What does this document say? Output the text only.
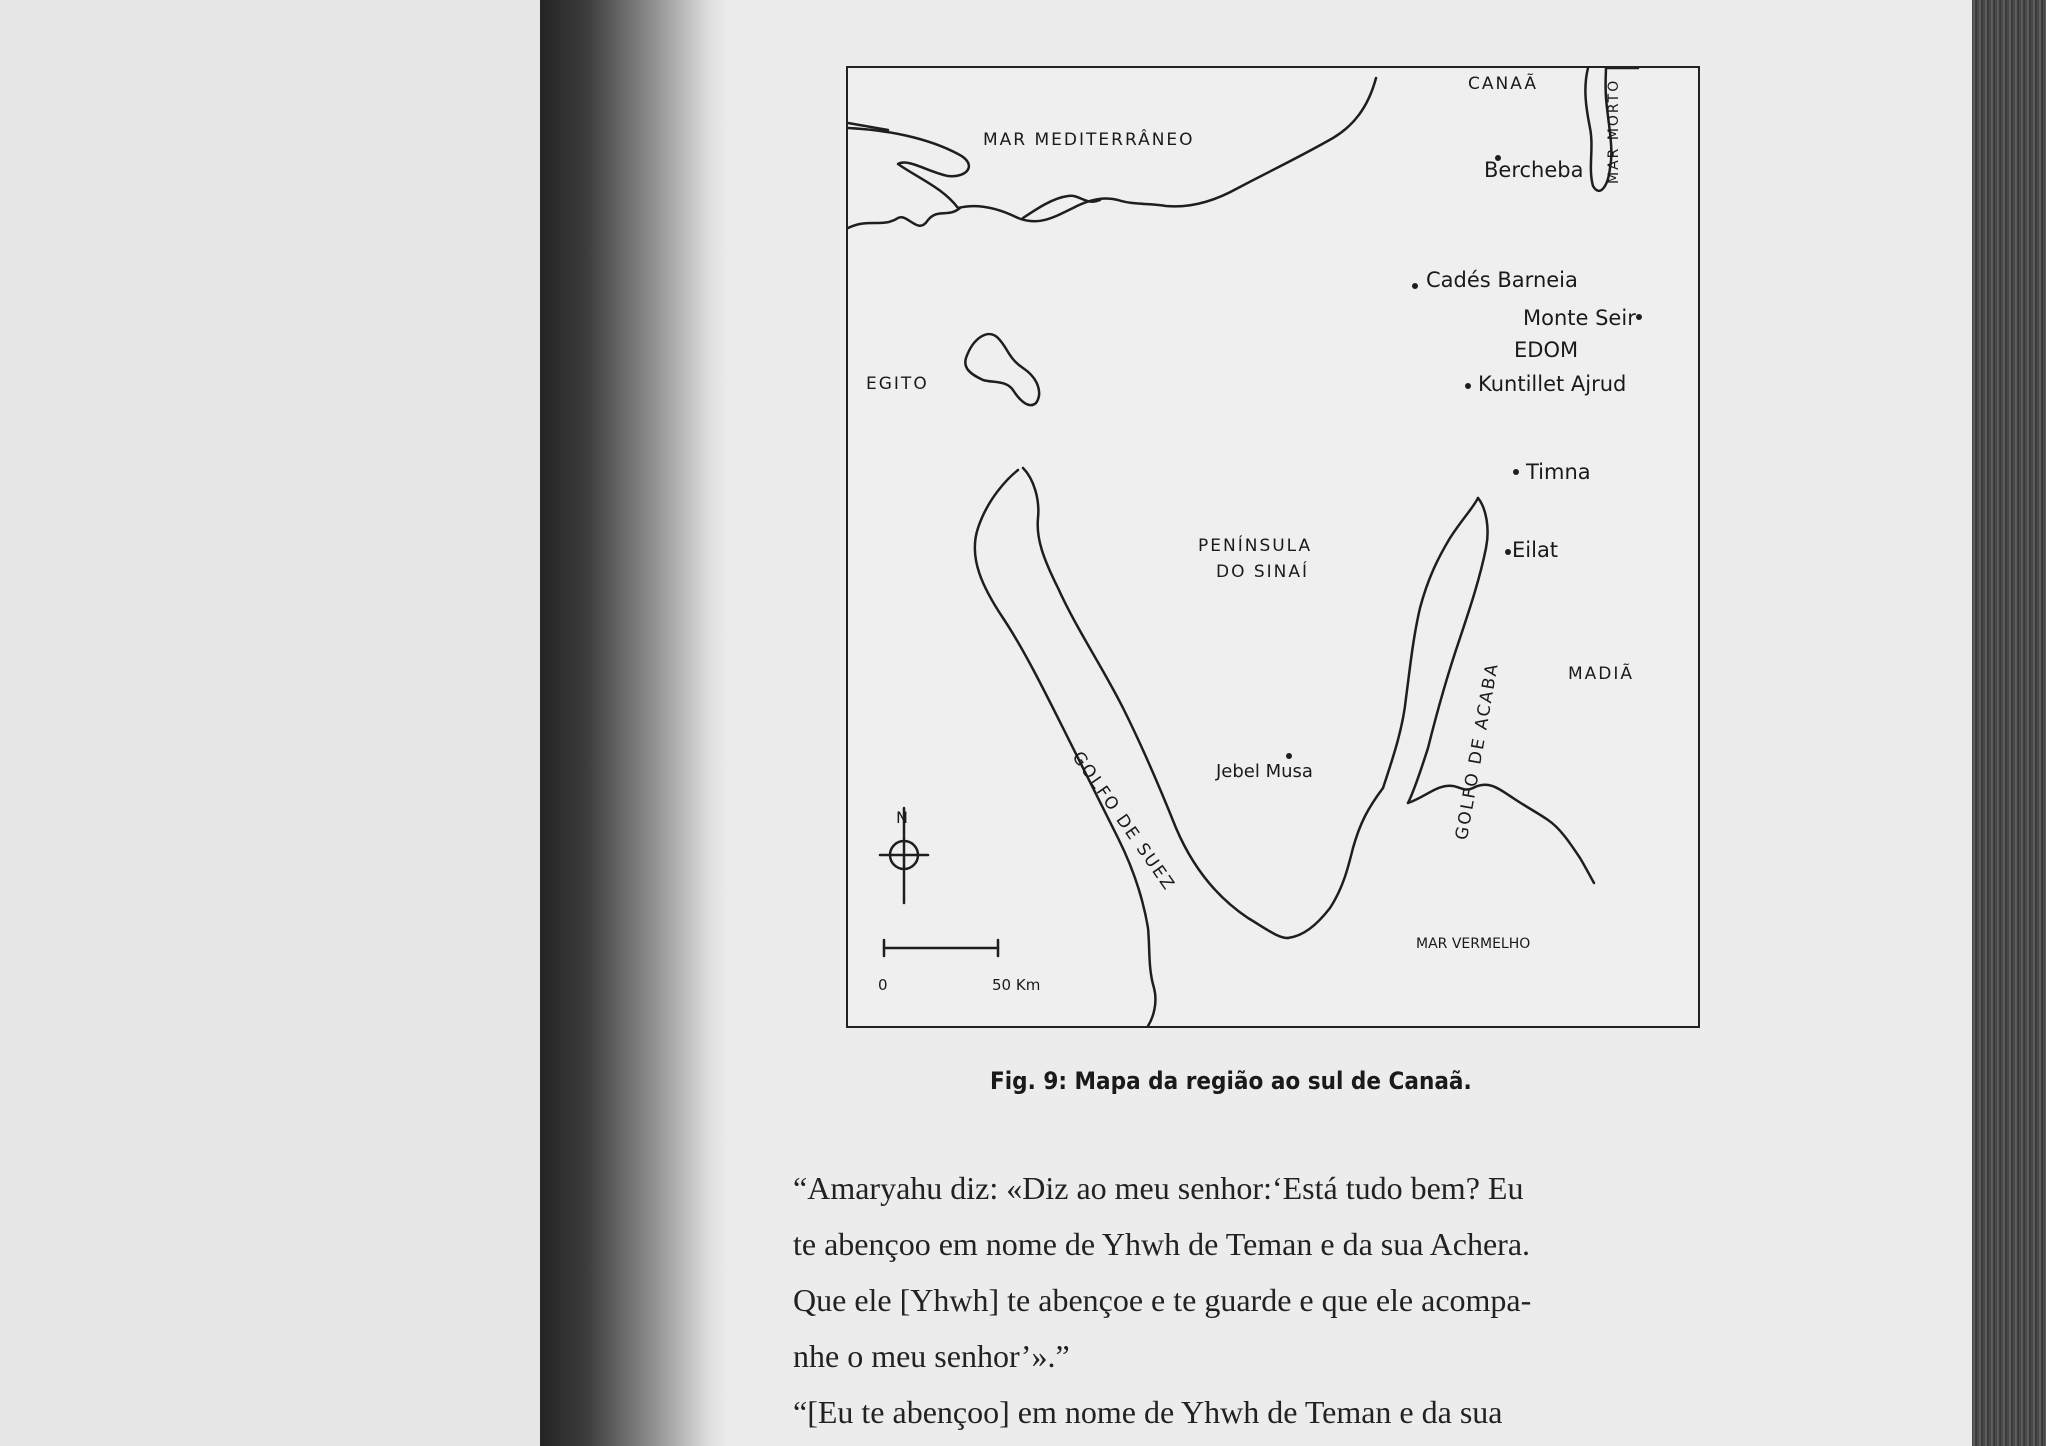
MAR MEDITERRÂNEO
CANAÃ	MAR MORTO
Bercheba
Cadés Barneia
Monte Seir
EDOM
EGITO	Kuntillet Ajrud
Timna
PENÍNSULA
DO SINAÍ
Eilat
MADIÃ
GOLFO DE SUEZ	GOLFO DE ACABA
Jebel Musa
N
0	50 Km
MAR VERMELHO
Fig. 9: Mapa da região ao sul de Canaã.
“Amaryahu diz: «Diz ao meu senhor:‘Está tudo bem? Eu
te abençoo em nome de Yhwh de Teman e da sua Achera.
Que ele [Yhwh] te abençoe e te guarde e que ele acompa-
nhe o meu senhor’».”
“[Eu te abençoo] em nome de Yhwh de Teman e da sua
